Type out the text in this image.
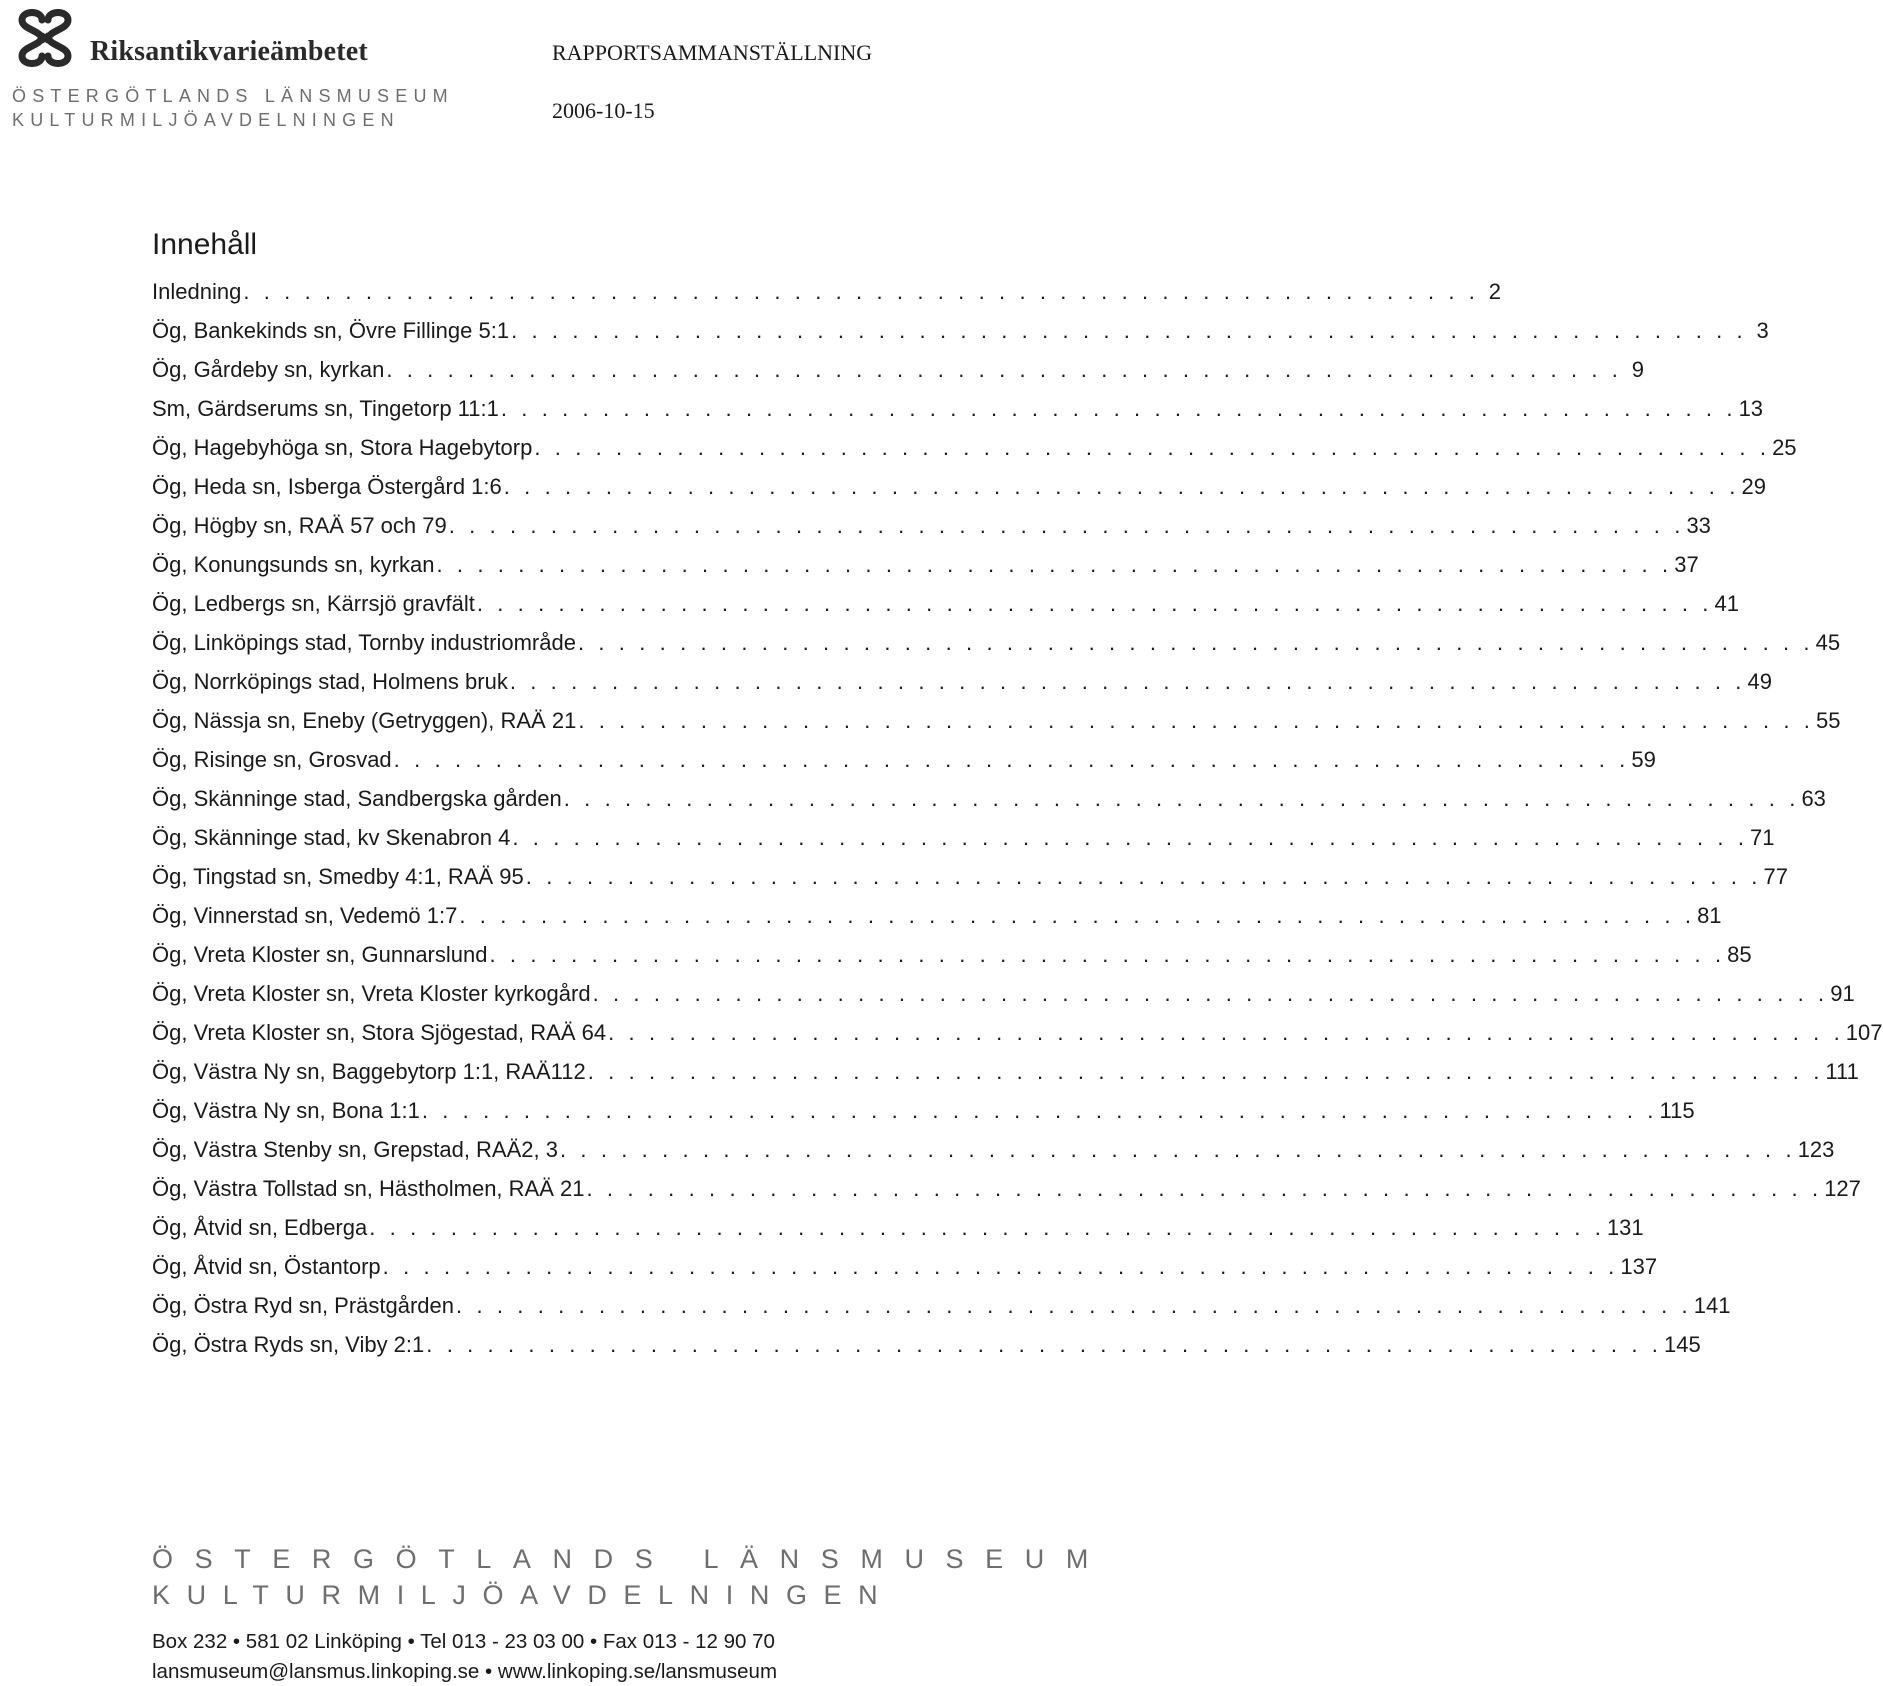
Riksantikvarieämbetet
ÖSTERGÖTLANDS LÄNSMUSEUM
KULTURMILJÖAVDELNINGEN
RAPPORTSAMMANSTÄLLNING
2006-10-15
Innehåll
Inledning . . . . . . . . . . . . . . . . . . . . . . . . . . . . . . . . . . . . . . . . . . . . . . . . . . . . . . . . . . . . . 2
Ög, Bankekinds sn, Övre Fillinge 5:1 . . . . . . . . . . . . . . . . . . . . . . . . . . . . . . . . . . . . . . . . . . . . . . . . . . . . . . . . . . . . . 3
Ög, Gårdeby sn, kyrkan . . . . . . . . . . . . . . . . . . . . . . . . . . . . . . . . . . . . . . . . . . . . . . . . . . . . . . . . . . . . . 9
Sm, Gärdserums sn, Tingetorp 11:1 . . . . . . . . . . . . . . . . . . . . . . . . . . . . . . . . . . . . . . . . . . . . . . . . . . . . . . . . . . . . . 13
Ög, Hagebyhöga sn, Stora Hagebytorp . . . . . . . . . . . . . . . . . . . . . . . . . . . . . . . . . . . . . . . . . . . . . . . . . . . . . . . . . . . . . 25
Ög, Heda sn, Isberga Östergård 1:6 . . . . . . . . . . . . . . . . . . . . . . . . . . . . . . . . . . . . . . . . . . . . . . . . . . . . . . . . . . . . . 29
Ög, Högby sn, RAÄ 57 och 79 . . . . . . . . . . . . . . . . . . . . . . . . . . . . . . . . . . . . . . . . . . . . . . . . . . . . . . . . . . . . . 33
Ög, Konungsunds sn, kyrkan . . . . . . . . . . . . . . . . . . . . . . . . . . . . . . . . . . . . . . . . . . . . . . . . . . . . . . . . . . . . . 37
Ög, Ledbergs sn, Kärrsjö gravfält . . . . . . . . . . . . . . . . . . . . . . . . . . . . . . . . . . . . . . . . . . . . . . . . . . . . . . . . . . . . . 41
Ög, Linköpings stad, Tornby industriområde . . . . . . . . . . . . . . . . . . . . . . . . . . . . . . . . . . . . . . . . . . . . . . . . . . . . . . . . . . . . . 45
Ög, Norrköpings stad, Holmens bruk . . . . . . . . . . . . . . . . . . . . . . . . . . . . . . . . . . . . . . . . . . . . . . . . . . . . . . . . . . . . . 49
Ög, Nässja sn, Eneby (Getryggen), RAÄ 21 . . . . . . . . . . . . . . . . . . . . . . . . . . . . . . . . . . . . . . . . . . . . . . . . . . . . . . . . . . . . . 55
Ög, Risinge sn, Grosvad . . . . . . . . . . . . . . . . . . . . . . . . . . . . . . . . . . . . . . . . . . . . . . . . . . . . . . . . . . . . . 59
Ög, Skänninge stad, Sandbergska gården . . . . . . . . . . . . . . . . . . . . . . . . . . . . . . . . . . . . . . . . . . . . . . . . . . . . . . . . . . . . . 63
Ög, Skänninge stad, kv Skenabron 4 . . . . . . . . . . . . . . . . . . . . . . . . . . . . . . . . . . . . . . . . . . . . . . . . . . . . . . . . . . . . . 71
Ög, Tingstad sn, Smedby 4:1, RAÄ 95 . . . . . . . . . . . . . . . . . . . . . . . . . . . . . . . . . . . . . . . . . . . . . . . . . . . . . . . . . . . . . 77
Ög, Vinnerstad sn, Vedemö 1:7 . . . . . . . . . . . . . . . . . . . . . . . . . . . . . . . . . . . . . . . . . . . . . . . . . . . . . . . . . . . . . 81
Ög, Vreta Kloster sn, Gunnarslund . . . . . . . . . . . . . . . . . . . . . . . . . . . . . . . . . . . . . . . . . . . . . . . . . . . . . . . . . . . . . 85
Ög, Vreta Kloster sn, Vreta Kloster kyrkogård . . . . . . . . . . . . . . . . . . . . . . . . . . . . . . . . . . . . . . . . . . . . . . . . . . . . . . . . . . . . . 91
Ög, Vreta Kloster sn, Stora Sjögestad, RAÄ 64 . . . . . . . . . . . . . . . . . . . . . . . . . . . . . . . . . . . . . . . . . . . . . . . . . . . . . . . . . . . . . 107
Ög, Västra Ny sn, Baggebytorp 1:1, RAÄ112 . . . . . . . . . . . . . . . . . . . . . . . . . . . . . . . . . . . . . . . . . . . . . . . . . . . . . . . . . . . . . 111
Ög, Västra Ny sn, Bona 1:1 . . . . . . . . . . . . . . . . . . . . . . . . . . . . . . . . . . . . . . . . . . . . . . . . . . . . . . . . . . . . . 115
Ög, Västra Stenby sn, Grepstad, RAÄ2, 3 . . . . . . . . . . . . . . . . . . . . . . . . . . . . . . . . . . . . . . . . . . . . . . . . . . . . . . . . . . . . . 123
Ög, Västra Tollstad sn, Hästholmen, RAÄ 21 . . . . . . . . . . . . . . . . . . . . . . . . . . . . . . . . . . . . . . . . . . . . . . . . . . . . . . . . . . . . . 127
Ög, Åtvid sn, Edberga . . . . . . . . . . . . . . . . . . . . . . . . . . . . . . . . . . . . . . . . . . . . . . . . . . . . . . . . . . . . . 131
Ög, Åtvid sn, Östantorp . . . . . . . . . . . . . . . . . . . . . . . . . . . . . . . . . . . . . . . . . . . . . . . . . . . . . . . . . . . . . 137
Ög, Östra Ryd sn, Prästgården . . . . . . . . . . . . . . . . . . . . . . . . . . . . . . . . . . . . . . . . . . . . . . . . . . . . . . . . . . . . . 141
Ög, Östra Ryds sn, Viby 2:1 . . . . . . . . . . . . . . . . . . . . . . . . . . . . . . . . . . . . . . . . . . . . . . . . . . . . . . . . . . . . . 145
ÖSTERGÖTLANDS LÄNSMUSEUM
KULTURMILJÖAVDELNINGEN
Box 232 • 581 02 Linköping • Tel 013 - 23 03 00 • Fax 013 - 12 90 70
lansmuseum@lansmus.linkoping.se • www.linkoping.se/lansmuseum
